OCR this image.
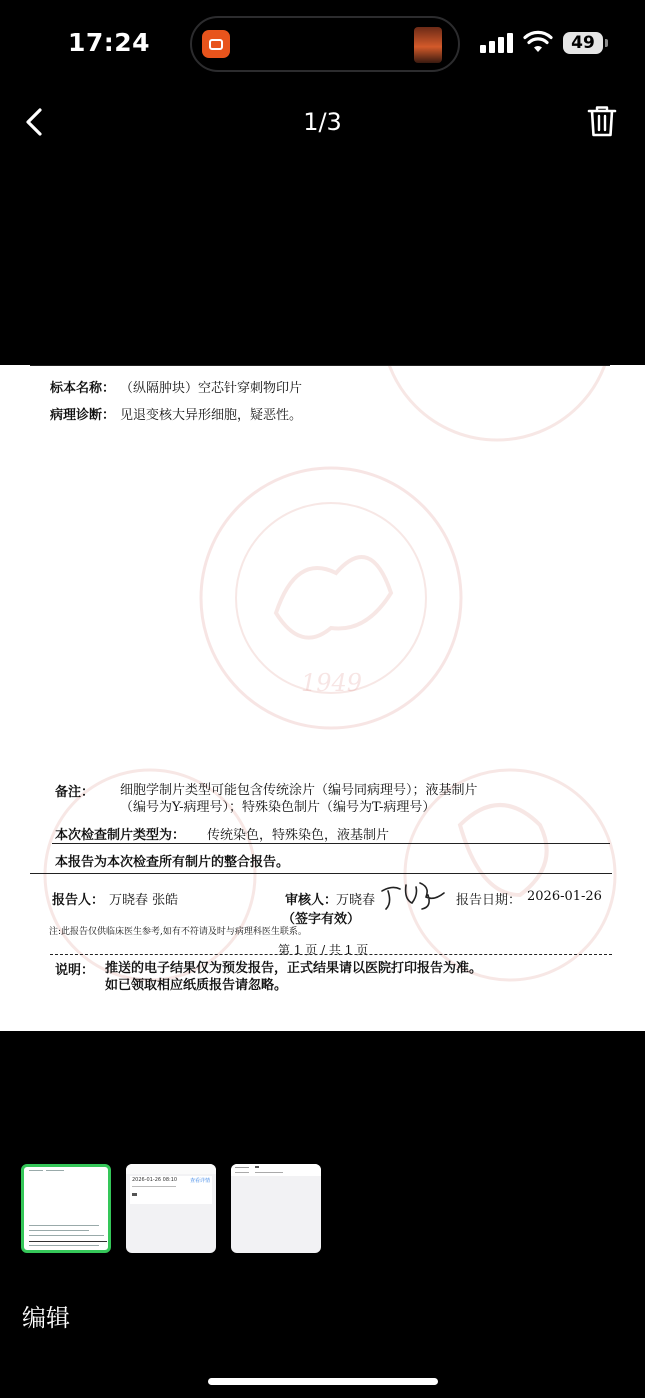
17:24	49
1/3
1949
1949
标本名称： （纵隔肿块）空芯针穿刺物印片
病理诊断： 见退变核大异形细胞，疑恶性。
备注： 细胞学制片类型可能包含传统涂片（编号同病理号）；液基制片
（编号为Y-病理号）；特殊染色制片（编号为T-病理号）
本次检查制片类型为： 传统染色，特殊染色，液基制片
本报告为本次检查所有制片的整合报告。
报告人： 万晓春 张皓	审核人：
万晓春	报告日期： 2026-01-26
（签字有效）
注:此报告仅供临床医生参考,如有不符请及时与病理科医生联系。
第 1 页 / 共 1 页
说明： 推送的电子结果仅为预发报告，正式结果请以医院打印报告为准。
如已领取相应纸质报告请忽略。
2026-01-26 08:10	查看详情
编辑
